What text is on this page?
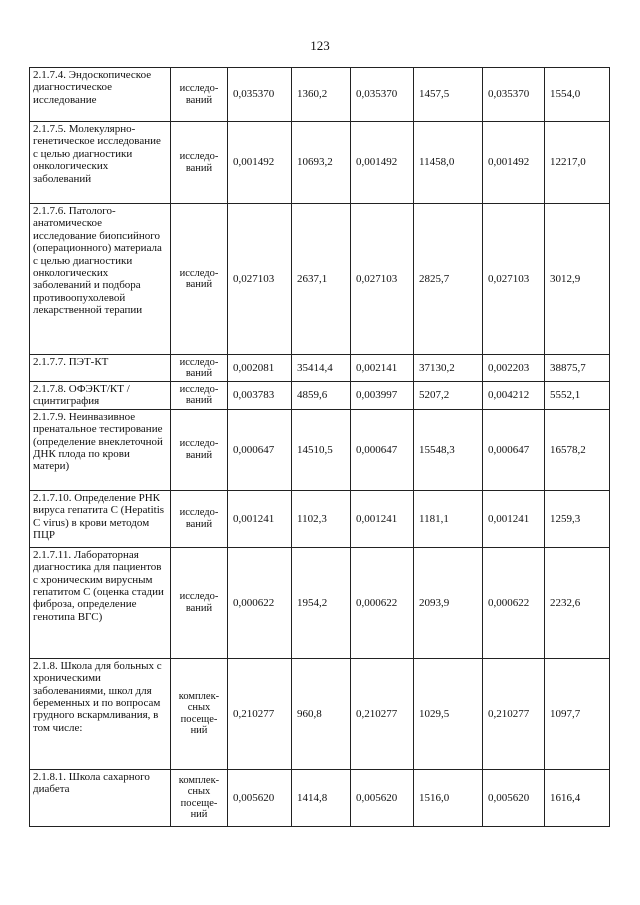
123
2.1.7.4. Эндоскопическое диагностическое исследование	исследо-ваний	0,035370	1360,2	0,035370	1457,5	0,035370	1554,0
2.1.7.5. Молекулярно-генетическое исследование с целью диагностики онкологических заболеваний	исследо-ваний	0,001492	10693,2	0,001492	11458,0	0,001492	12217,0
2.1.7.6. Патолого-анатомическое исследование биопсийного (операционного) материала с целью диагностики онкологических заболеваний и подбора противоопухолевой лекарственной терапии	исследо-ваний	0,027103	2637,1	0,027103	2825,7	0,027103	3012,9
2.1.7.7. ПЭТ-КТ	исследо-ваний	0,002081	35414,4	0,002141	37130,2	0,002203	38875,7
2.1.7.8. ОФЭКТ/КТ /сцинтиграфия	исследо-ваний	0,003783	4859,6	0,003997	5207,2	0,004212	5552,1
2.1.7.9. Неинвазивное пренатальное тестирование (определение внеклеточной ДНК плода по крови матери)	исследо-ваний	0,000647	14510,5	0,000647	15548,3	0,000647	16578,2
2.1.7.10. Определение РНК вируса гепатита C (Hepatitis C virus) в крови методом ПЦР	исследо-ваний	0,001241	1102,3	0,001241	1181,1	0,001241	1259,3
2.1.7.11. Лабораторная диагностика для пациентов с хроническим вирусным гепатитом С (оценка стадии фиброза, определение генотипа ВГС)	исследо-ваний	0,000622	1954,2	0,000622	2093,9	0,000622	2232,6
2.1.8. Школа для больных с хроническими заболеваниями, школ для беременных и по вопросам грудного вскармливания, в том числе:	комплек-сных посеще-ний	0,210277	960,8	0,210277	1029,5	0,210277	1097,7
2.1.8.1. Школа сахарного диабета	комплек-сных посеще-ний	0,005620	1414,8	0,005620	1516,0	0,005620	1616,4
